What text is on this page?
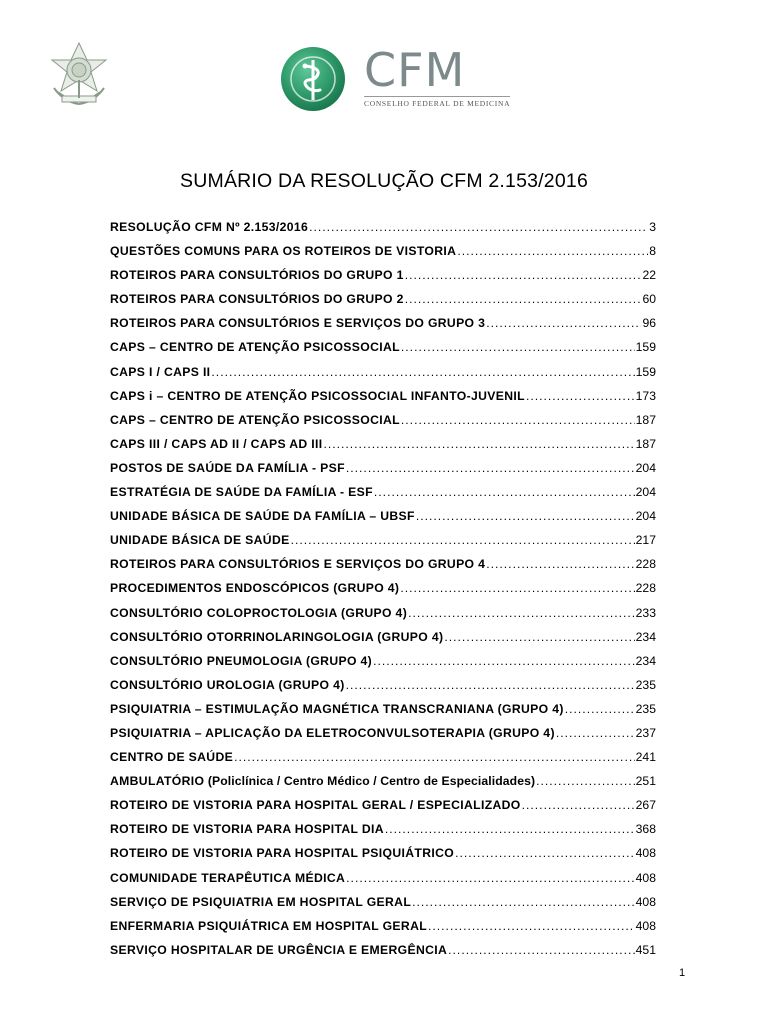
CFM
CONSELHO FEDERAL DE MEDICINA
SUMÁRIO DA RESOLUÇÃO CFM 2.153/2016
RESOLUÇÃO CFM Nº 2.153/2016 .....	3
QUESTÕES COMUNS PARA OS ROTEIROS DE VISTORIA .....	8
ROTEIROS PARA CONSULTÓRIOS DO GRUPO 1 .....	22
ROTEIROS PARA CONSULTÓRIOS DO GRUPO 2 .....	60
ROTEIROS PARA CONSULTÓRIOS E SERVIÇOS DO GRUPO 3 .....	96
CAPS – CENTRO DE ATENÇÃO PSICOSSOCIAL .....	159
CAPS I / CAPS II .....	159
CAPS i – CENTRO DE ATENÇÃO PSICOSSOCIAL INFANTO-JUVENIL .....	173
CAPS – CENTRO DE ATENÇÃO PSICOSSOCIAL .....	187
CAPS III / CAPS AD II / CAPS AD III .....	187
POSTOS DE SAÚDE DA FAMÍLIA - PSF .....	204
ESTRATÉGIA DE SAÚDE DA FAMÍLIA - ESF .....	204
UNIDADE BÁSICA DE SAÚDE DA FAMÍLIA – UBSF .....	204
UNIDADE BÁSICA DE SAÚDE .....	217
ROTEIROS PARA CONSULTÓRIOS E SERVIÇOS DO GRUPO 4 .....	228
PROCEDIMENTOS ENDOSCÓPICOS (GRUPO 4) .....	228
CONSULTÓRIO COLOPROCTOLOGIA (GRUPO 4) .....	233
CONSULTÓRIO OTORRINOLARINGOLOGIA (GRUPO 4) .....	234
CONSULTÓRIO PNEUMOLOGIA (GRUPO 4) .....	234
CONSULTÓRIO UROLOGIA (GRUPO 4) .....	235
PSIQUIATRIA – ESTIMULAÇÃO MAGNÉTICA TRANSCRANIANA (GRUPO 4) .....	235
PSIQUIATRIA – APLICAÇÃO DA ELETROCONVULSOTERAPIA (GRUPO 4) .....	237
CENTRO DE SAÚDE .....	241
AMBULATÓRIO (Policlínica / Centro Médico / Centro de Especialidades) .....	251
ROTEIRO DE VISTORIA PARA HOSPITAL GERAL / ESPECIALIZADO .....	267
ROTEIRO DE VISTORIA PARA HOSPITAL DIA .....	368
ROTEIRO DE VISTORIA PARA HOSPITAL PSIQUIÁTRICO .....	408
COMUNIDADE TERAPÊUTICA MÉDICA .....	408
SERVIÇO DE PSIQUIATRIA EM HOSPITAL GERAL .....	408
ENFERMARIA PSIQUIÁTRICA EM HOSPITAL GERAL .....	408
SERVIÇO HOSPITALAR DE URGÊNCIA E EMERGÊNCIA .....	451
1
